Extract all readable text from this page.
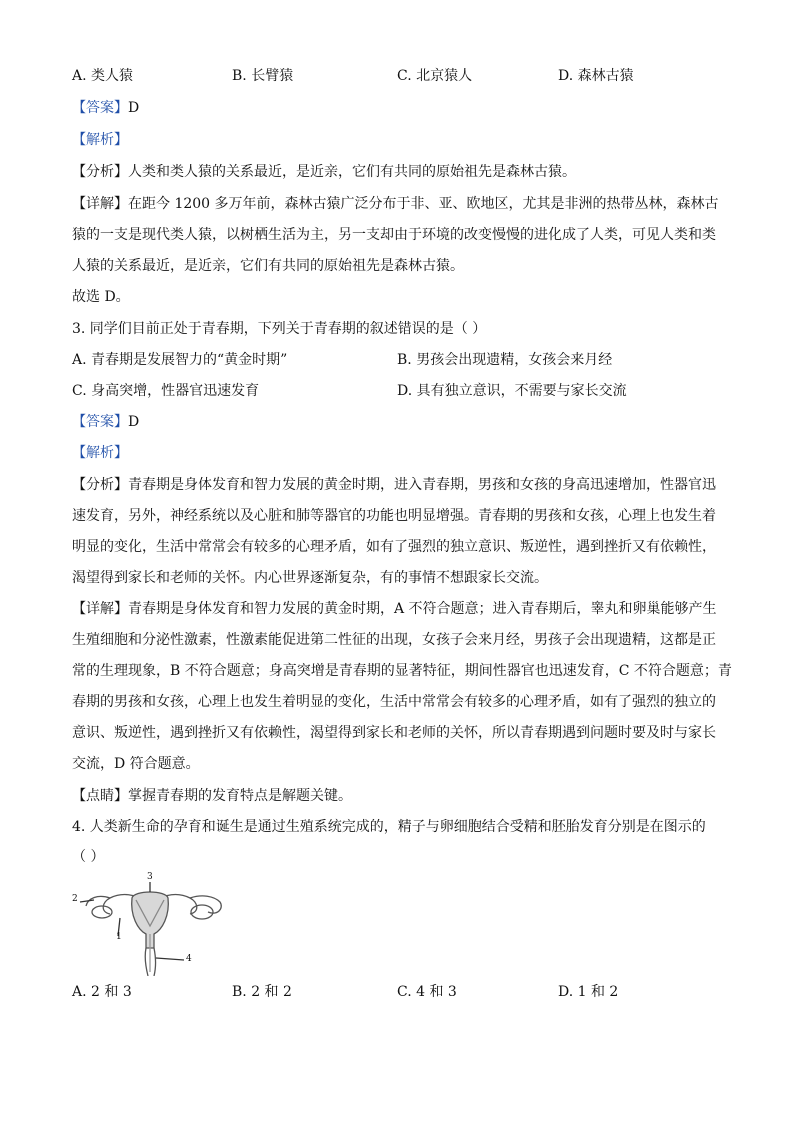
A. 类人猿	B. 长臂猿	C. 北京猿人	D. 森林古猿
【答案】D
【解析】
【分析】人类和类人猿的关系最近，是近亲，它们有共同的原始祖先是森林古猿。
【详解】在距今 1200 多万年前，森林古猿广泛分布于非、亚、欧地区，尤其是非洲的热带丛林，森林古
猿的一支是现代类人猿，以树栖生活为主，另一支却由于环境的改变慢慢的进化成了人类，可见人类和类
人猿的关系最近，是近亲，它们有共同的原始祖先是森林古猿。
故选 D。
3. 同学们目前正处于青春期，下列关于青春期的叙述错误的是（ ）
A. 青春期是发展智力的“黄金时期”	B. 男孩会出现遗精，女孩会来月经
C. 身高突增，性器官迅速发育	D. 具有独立意识，不需要与家长交流
【答案】D
【解析】
【分析】青春期是身体发育和智力发展的黄金时期，进入青春期，男孩和女孩的身高迅速增加，性器官迅
速发育，另外，神经系统以及心脏和肺等器官的功能也明显增强。青春期的男孩和女孩，心理上也发生着
明显的变化，生活中常常会有较多的心理矛盾，如有了强烈的独立意识、叛逆性，遇到挫折又有依赖性，
渴望得到家长和老师的关怀。内心世界逐渐复杂，有的事情不想跟家长交流。
【详解】青春期是身体发育和智力发展的黄金时期，A 不符合题意；进入青春期后，睾丸和卵巢能够产生
生殖细胞和分泌性激素，性激素能促进第二性征的出现，女孩子会来月经，男孩子会出现遗精，这都是正
常的生理现象，B 不符合题意；身高突增是青春期的显著特征，期间性器官也迅速发育，C 不符合题意；青
春期的男孩和女孩，心理上也发生着明显的变化，生活中常常会有较多的心理矛盾，如有了强烈的独立的
意识、叛逆性，遇到挫折又有依赖性，渴望得到家长和老师的关怀，所以青春期遇到问题时要及时与家长
交流，D 符合题意。
【点睛】掌握青春期的发育特点是解题关键。
4. 人类新生命的孕育和诞生是通过生殖系统完成的，精子与卵细胞结合受精和胚胎发育分别是在图示的
（ ）
2
1
3
4
A. 2 和 3	B. 2 和 2	C. 4 和 3	D. 1 和 2
